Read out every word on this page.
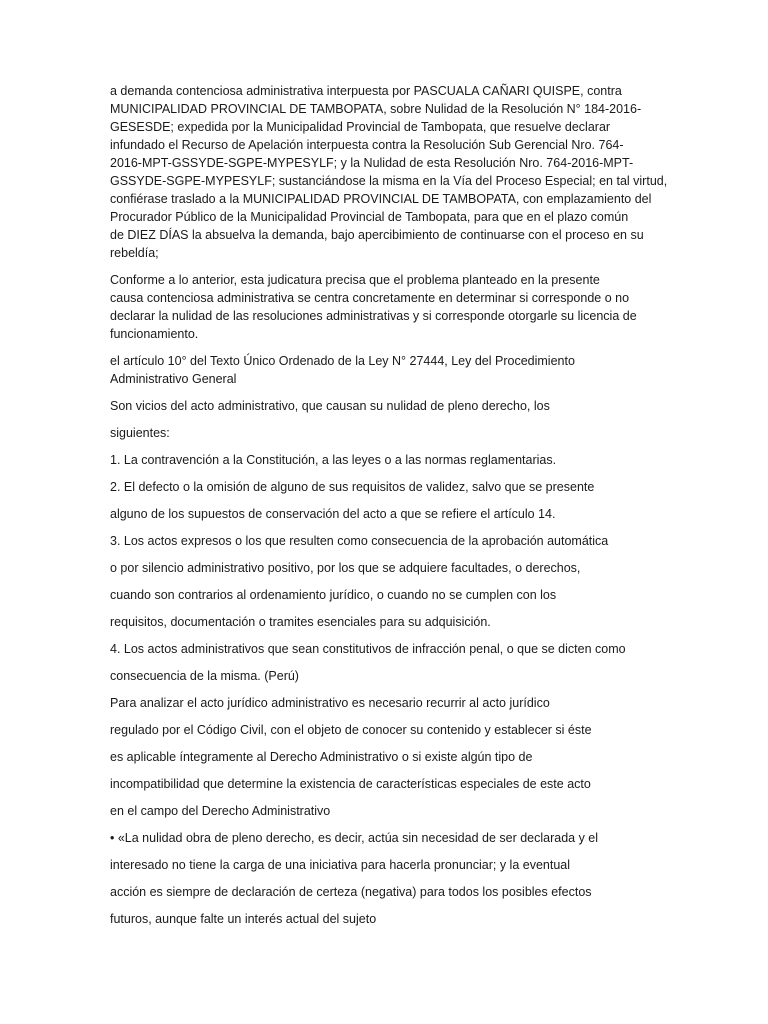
a demanda contenciosa administrativa interpuesta por PASCUALA CAÑARI QUISPE, contra
MUNICIPALIDAD PROVINCIAL DE TAMBOPATA, sobre Nulidad de la Resolución N° 184-2016-
GESESDE; expedida por la Municipalidad Provincial de Tambopata, que resuelve declarar
infundado el Recurso de Apelación interpuesta contra la Resolución Sub Gerencial Nro. 764-
2016-MPT-GSSYDE-SGPE-MYPESYLF; y la Nulidad de esta Resolución Nro. 764-2016-MPT-
GSSYDE-SGPE-MYPESYLF; sustanciándose la misma en la Vía del Proceso Especial; en tal virtud,
confiérase traslado a la MUNICIPALIDAD PROVINCIAL DE TAMBOPATA, con emplazamiento del
Procurador Público de la Municipalidad Provincial de Tambopata, para que en el plazo común
de DIEZ DÍAS la absuelva la demanda, bajo apercibimiento de continuarse con el proceso en su
rebeldía;

Conforme a lo anterior, esta judicatura precisa que el problema planteado en la presente
causa contenciosa administrativa se centra concretamente en determinar si corresponde o no
declarar la nulidad de las resoluciones administrativas y si corresponde otorgarle su licencia de
funcionamiento.

el artículo 10° del Texto Único Ordenado de la Ley N° 27444, Ley del Procedimiento
Administrativo General

Son vicios del acto administrativo, que causan su nulidad de pleno derecho, los
siguientes:
1. La contravención a la Constitución, a las leyes o a las normas reglamentarias.
2. El defecto o la omisión de alguno de sus requisitos de validez, salvo que se presente
alguno de los supuestos de conservación del acto a que se refiere el artículo 14.
3. Los actos expresos o los que resulten como consecuencia de la aprobación automática
o por silencio administrativo positivo, por los que se adquiere facultades, o derechos,
cuando son contrarios al ordenamiento jurídico, o cuando no se cumplen con los
requisitos, documentación o tramites esenciales para su adquisición.
4. Los actos administrativos que sean constitutivos de infracción penal, o que se dicten como
consecuencia de la misma. (Perú)
Para analizar el acto jurídico administrativo es necesario recurrir al acto jurídico
regulado por el Código Civil, con el objeto de conocer su contenido y establecer si éste
es aplicable íntegramente al Derecho Administrativo o si existe algún tipo de
incompatibilidad que determine la existencia de características especiales de este acto
en el campo del Derecho Administrativo
• «La nulidad obra de pleno derecho, es decir, actúa sin necesidad de ser declarada y el
interesado no tiene la carga de una iniciativa para hacerla pronunciar; y la eventual
acción es siempre de declaración de certeza (negativa) para todos los posibles efectos
futuros, aunque falte un interés actual del sujeto
